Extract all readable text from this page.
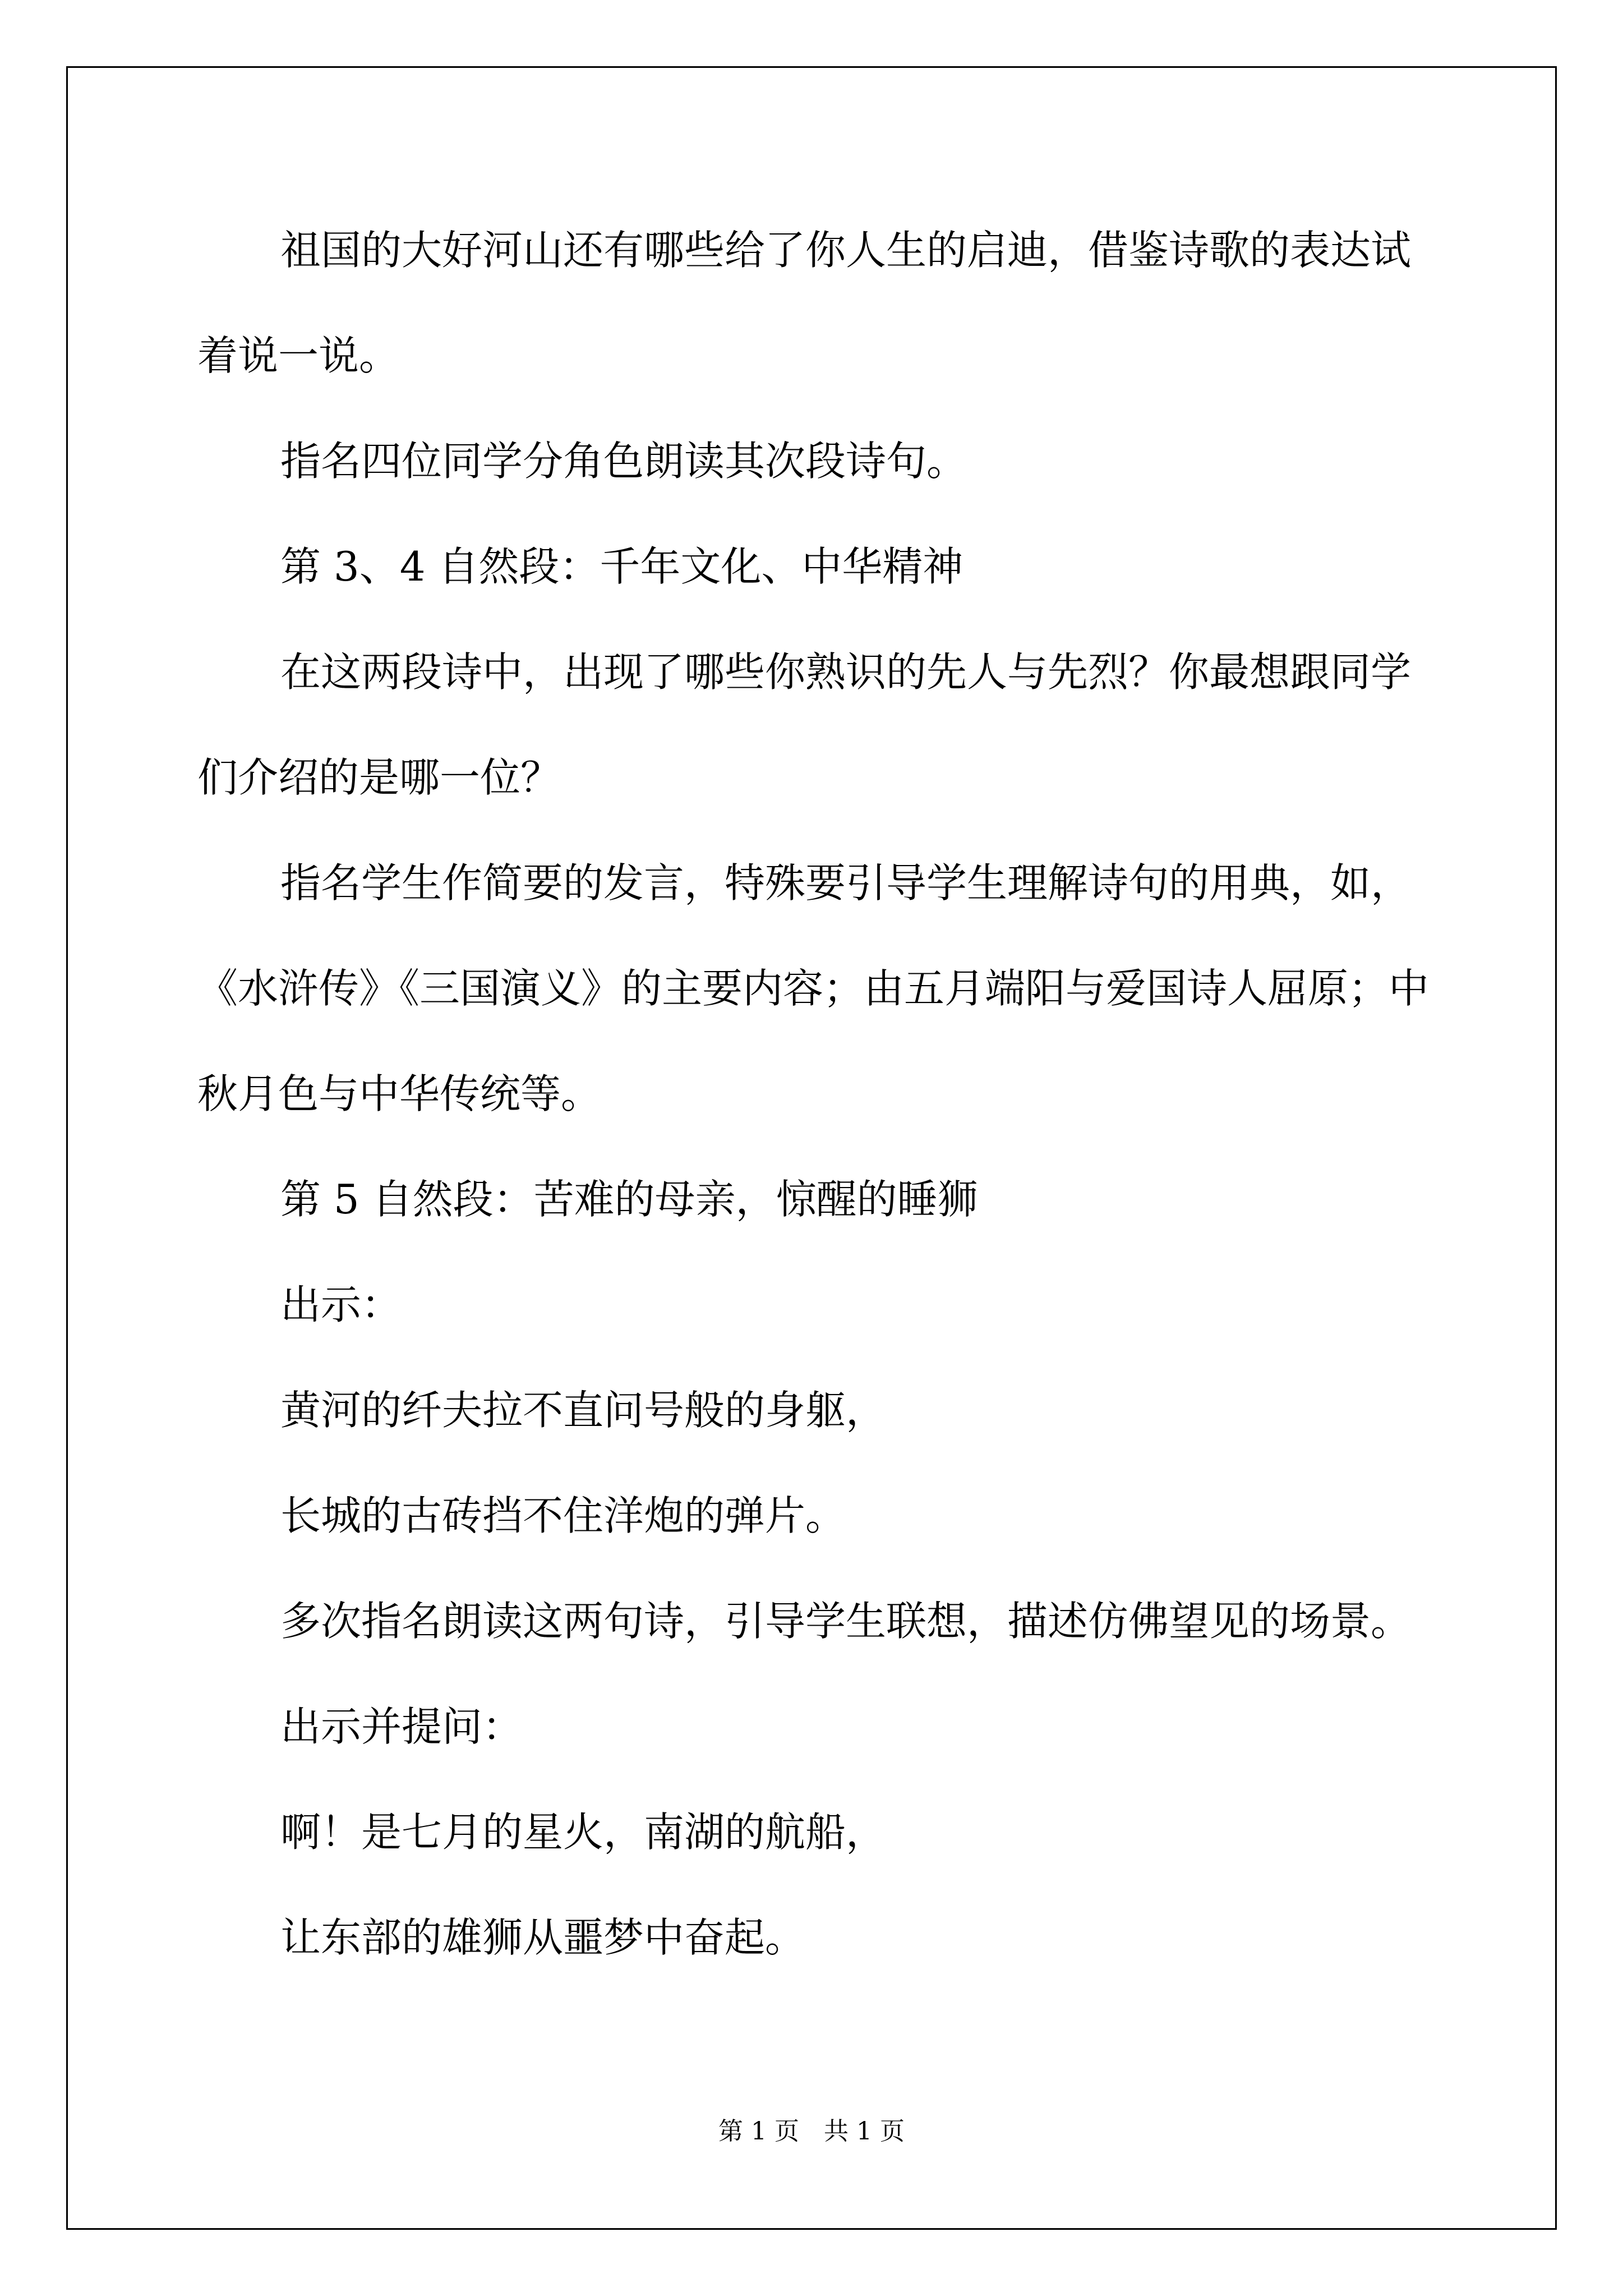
祖国的大好河山还有哪些给了你人生的启迪，借鉴诗歌的表达试
着说一说。
指名四位同学分角色朗读其次段诗句。
第 3、4 自然段：千年文化、中华精神
在这两段诗中，出现了哪些你熟识的先人与先烈？你最想跟同学
们介绍的是哪一位？
指名学生作简要的发言，特殊要引导学生理解诗句的用典，如，
《水浒传》《三国演义》的主要内容；由五月端阳与爱国诗人屈原；中
秋月色与中华传统等。
第 5 自然段：苦难的母亲，惊醒的睡狮
出示：
黄河的纤夫拉不直问号般的身躯，
长城的古砖挡不住洋炮的弹片。
多次指名朗读这两句诗，引导学生联想，描述仿佛望见的场景。
出示并提问：
啊！是七月的星火，南湖的航船，
让东部的雄狮从噩梦中奋起。
第 1 页　共 1 页
